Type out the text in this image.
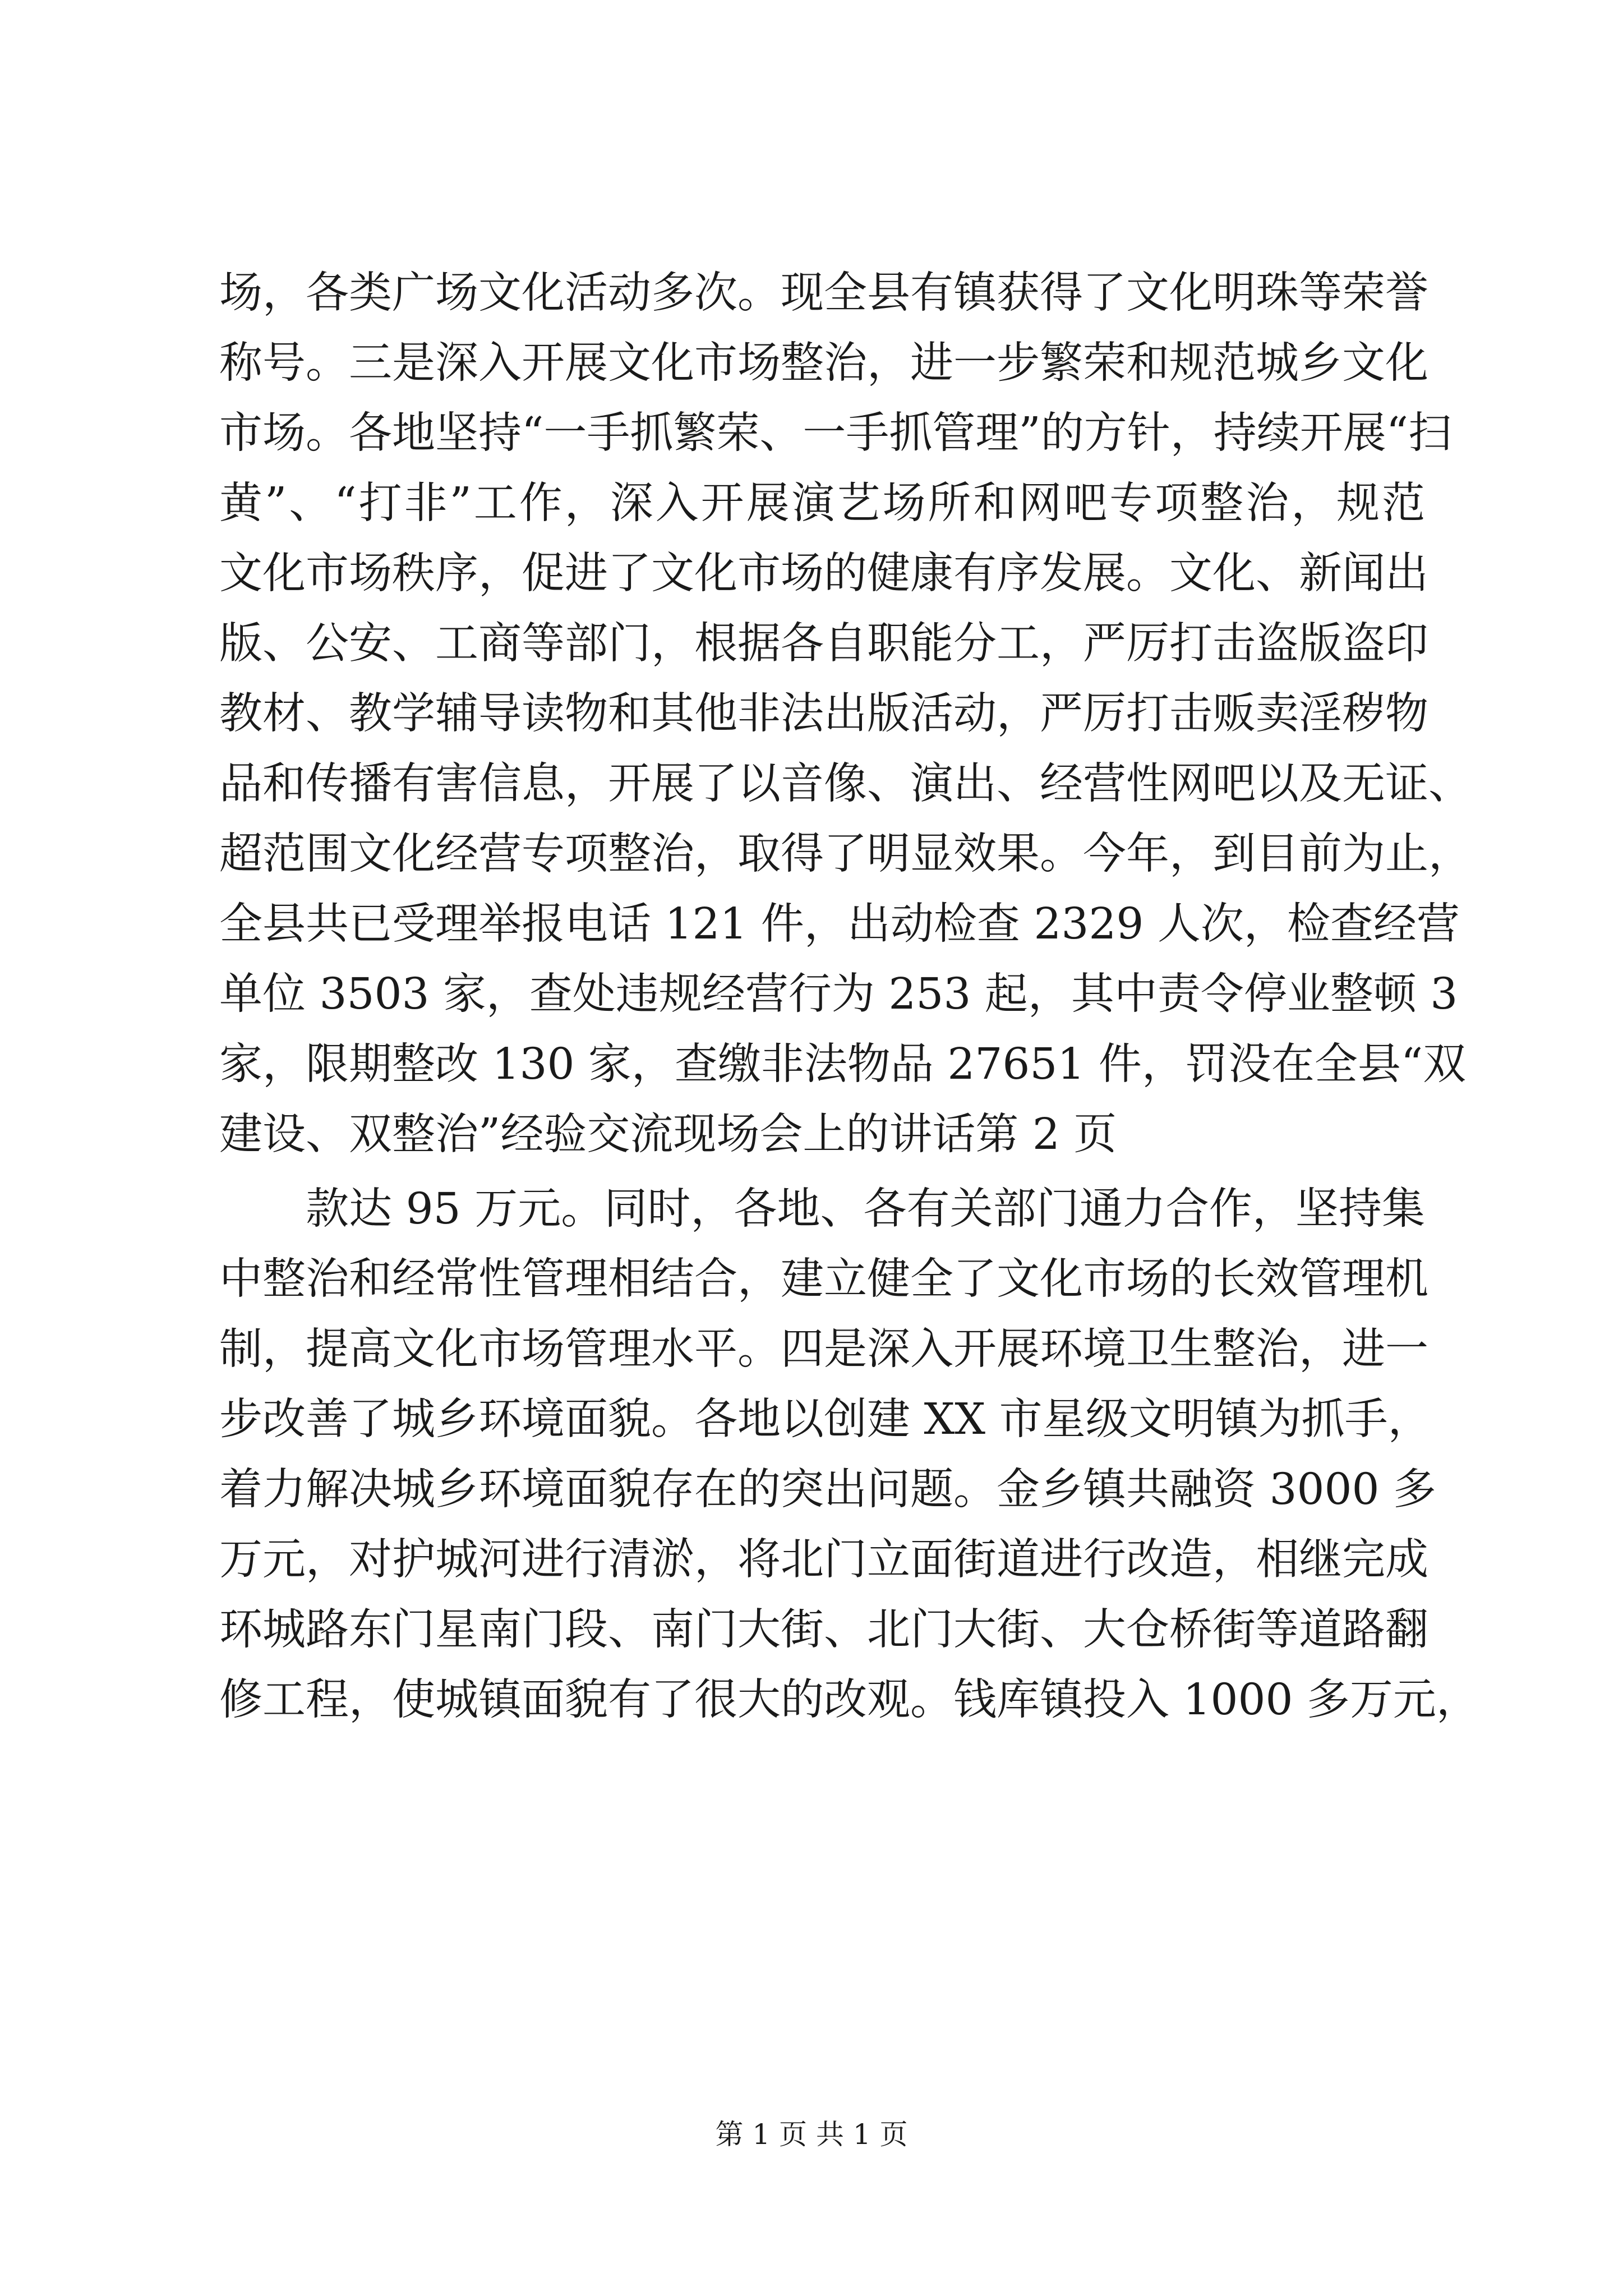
场，各类广场文化活动多次。现全县有镇获得了文化明珠等荣誉
称号。三是深入开展文化市场整治，进一步繁荣和规范城乡文化
市场。各地坚持“一手抓繁荣、一手抓管理”的方针，持续开展“扫
黄”、“打非”工作，深入开展演艺场所和网吧专项整治，规范
文化市场秩序，促进了文化市场的健康有序发展。文化、新闻出
版、公安、工商等部门，根据各自职能分工，严厉打击盗版盗印
教材、教学辅导读物和其他非法出版活动，严厉打击贩卖淫秽物
品和传播有害信息，开展了以音像、演出、经营性网吧以及无证、
超范围文化经营专项整治，取得了明显效果。今年，到目前为止，
全县共已受理举报电话 121 件，出动检查 2329 人次，检查经营
单位 3503 家，查处违规经营行为 253 起，其中责令停业整顿 3
家，限期整改 130 家，查缴非法物品 27651 件，罚没在全县“双
建设、双整治”经验交流现场会上的讲话第 2 页
　　款达 95 万元。同时，各地、各有关部门通力合作，坚持集
中整治和经常性管理相结合，建立健全了文化市场的长效管理机
制，提高文化市场管理水平。四是深入开展环境卫生整治，进一
步改善了城乡环境面貌。各地以创建 XX 市星级文明镇为抓手，
着力解决城乡环境面貌存在的突出问题。金乡镇共融资 3000 多
万元，对护城河进行清淤，将北门立面街道进行改造，相继完成
环城路东门星南门段、南门大街、北门大街、大仓桥街等道路翻
修工程，使城镇面貌有了很大的改观。钱库镇投入 1000 多万元，
第 1 页 共 1 页
